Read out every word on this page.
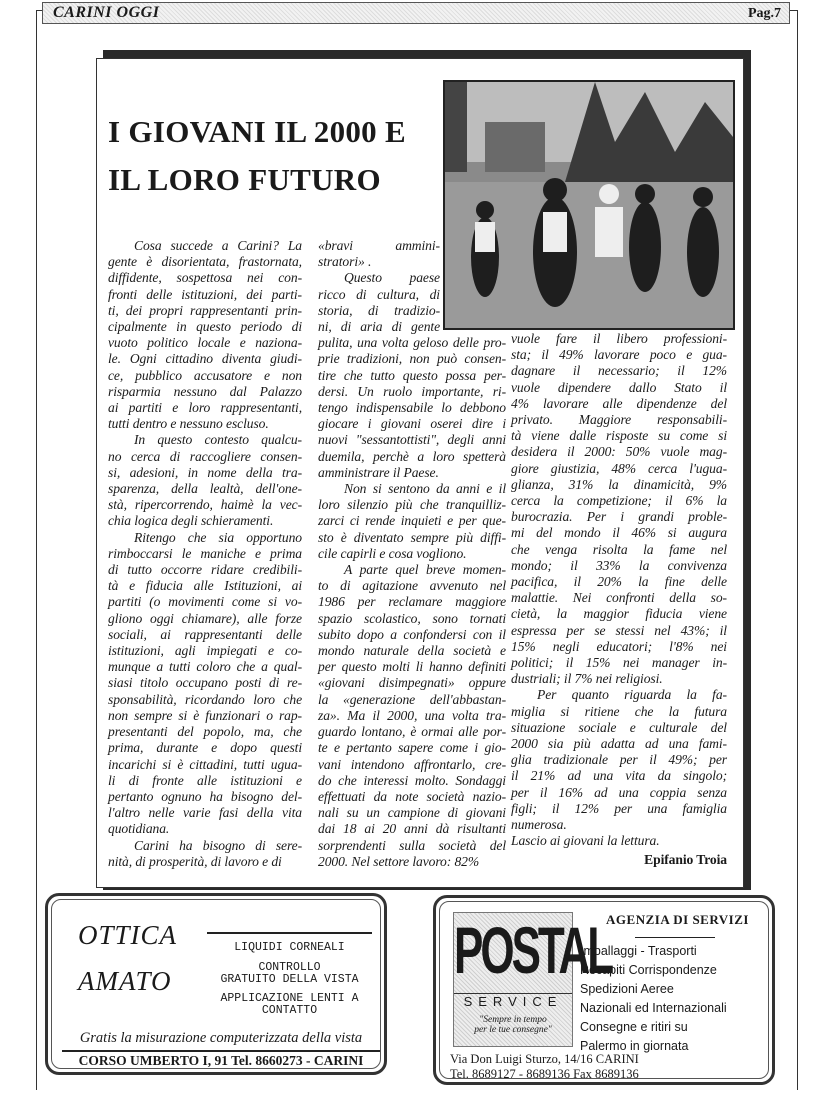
CARINI OGGI	Pag.7
I GIOVANI IL 2000 E
IL LORO FUTURO
Cosa succede a Carini? La
gente è disorientata, frastornata,
diffidente, sospettosa nei con-
fronti delle istituzioni, dei parti-
ti, dei propri rappresentanti prin-
cipalmente in questo periodo di
vuoto politico locale e naziona-
le. Ogni cittadino diventa giudi-
ce, pubblico accusatore e non
risparmia nessuno dal Palazzo
ai partiti e loro rappresentanti,
tutti dentro e nessuno escluso.
In questo contesto qualcu-
no cerca di raccogliere consen-
si, adesioni, in nome della tra-
sparenza, della lealtà, dell'one-
stà, ripercorrendo, haimè la vec-
chia logica degli schieramenti.
Ritengo che sia opportuno
rimboccarsi le maniche e prima
di tutto occorre ridare credibili-
tà e fiducia alle Istituzioni, ai
partiti (o movimenti come si vo-
gliono oggi chiamare), alle forze
sociali, ai rappresentanti delle
istituzioni, agli impiegati e co-
munque a tutti coloro che a qual-
siasi titolo occupano posti di re-
sponsabilità, ricordando loro che
non sempre si è funzionari o rap-
presentanti del popolo, ma, che
prima, durante e dopo questi
incarichi si è cittadini, tutti ugua-
li di fronte alle istituzioni e
pertanto ognuno ha bisogno del-
l'altro nelle varie fasi della vita
quotidiana.
Carini ha bisogno di sere-
nità, di prosperità, di lavoro e di
«bravi ammini-
stratori» .
Questo paese
ricco di cultura, di
storia, di tradizio-
ni, di aria di gente
pulita, una volta geloso delle pro-
prie tradizioni, non può consen-
tire che tutto questo possa per-
dersi. Un ruolo importante, ri-
tengo indispensabile lo debbono
giocare i giovani oserei dire i
nuovi "sessantottisti", degli anni
duemila, perchè a loro spetterà
amministrare il Paese.
Non si sentono da anni e il
loro silenzio più che tranquilliz-
zarci ci rende inquieti e per que-
sto è diventato sempre più diffi-
cile capirli e cosa vogliono.
A parte quel breve momen-
to di agitazione avvenuto nel
1986 per reclamare maggiore
spazio scolastico, sono tornati
subito dopo a confondersi con il
mondo naturale della società e
per questo molti li hanno definiti
«giovani disimpegnati» oppure
la «generazione dell'abbastan-
za». Ma il 2000, una volta tra-
guardo lontano, è ormai alle por-
te e pertanto sapere come i gio-
vani intendono affrontarlo, cre-
do che interessi molto. Sondaggi
effettuati da note società nazio-
nali su un campione di giovani
dai 18 ai 20 anni dà risultanti
sorprendenti sulla società del
2000. Nel settore lavoro: 82%
vuole fare il libero professioni-
sta; il 49% lavorare poco e gua-
dagnare il necessario; il 12%
vuole dipendere dallo Stato il
4% lavorare alle dipendenze del
privato. Maggiore responsabili-
tà viene dalle risposte su come si
desidera il 2000: 50% vuole mag-
giore giustizia, 48% cerca l'ugua-
glianza, 31% la dinamicità, 9%
cerca la competizione; il 6% la
burocrazia. Per i grandi proble-
mi del mondo il 46% si augura
che venga risolta la fame nel
mondo; il 33% la convivenza
pacifica, il 20% la fine delle
malattie. Nei confronti della so-
cietà, la maggior fiducia viene
espressa per se stessi nel 43%; il
15% negli educatori; l'8% nei
politici; il 15% nei manager in-
dustriali; il 7% nei religiosi.
Per quanto riguarda la fa-
miglia si ritiene che la futura
situazione sociale e culturale del
2000 sia più adatta ad una fami-
glia tradizionale per il 49%; per
il 21% ad una vita da singolo;
per il 16% ad una coppia senza
figli; il 12% per una famiglia
numerosa.
Lascio ai giovani la lettura.
Epifanio Troia
OTTICA
AMATO
LIQUIDI CORNEALI
CONTROLLO
GRATUITO DELLA VISTA
APPLICAZIONE LENTI A
CONTATTO
Gratis la misurazione computerizzata della vista
CORSO UMBERTO I, 91 Tel. 8660273 - CARINI
POSTAL
SERVICE
"Sempre in tempo
per le tue consegne"
AGENZIA DI SERVIZI
Imballaggi - Trasporti
Recapiti Corrispondenze
Spedizioni Aeree
Nazionali ed Internazionali
Consegne e ritiri su
Palermo in giornata
Via Don Luigi Sturzo, 14/16 CARINI
Tel. 8689127 - 8689136 Fax 8689136
